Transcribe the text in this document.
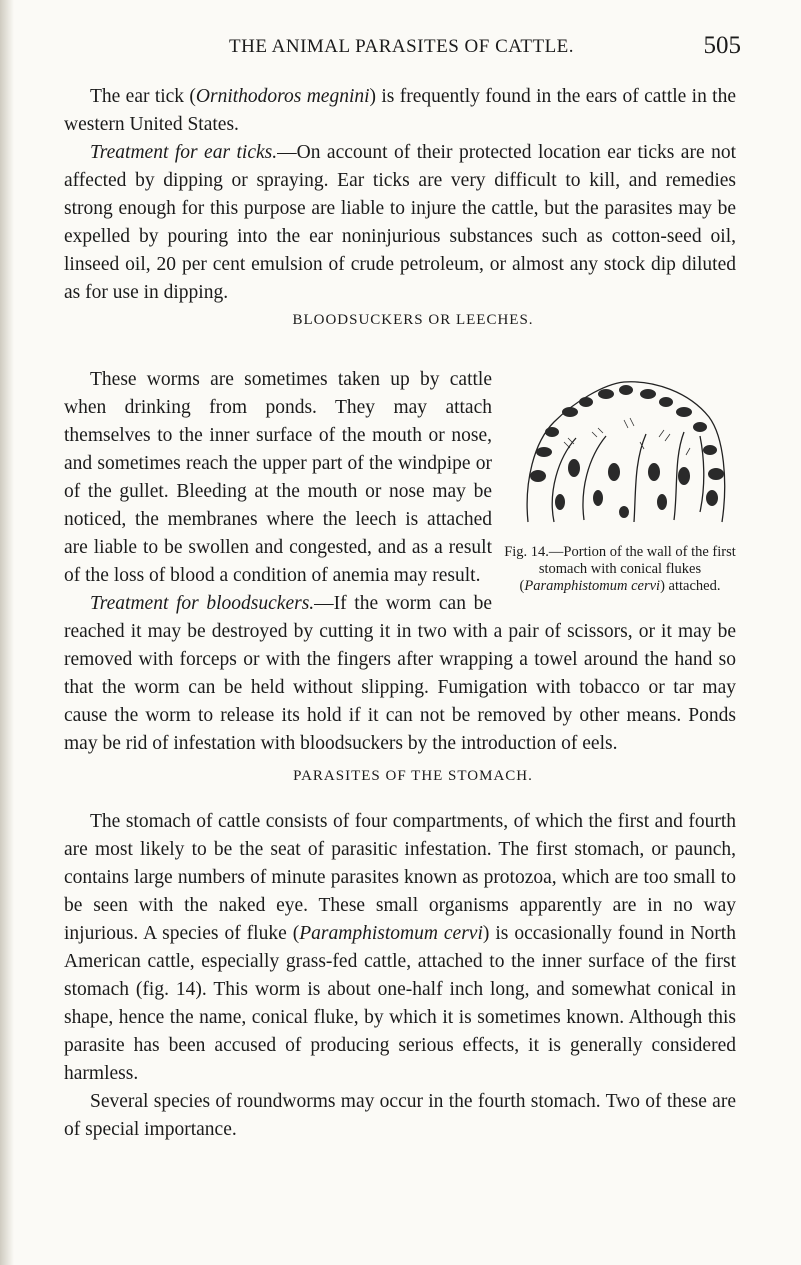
THE ANIMAL PARASITES OF CATTLE.	505

The ear tick (Ornithodoros megnini) is frequently found in the ears of cattle in the western United States.

Treatment for ear ticks.—On account of their protected location ear ticks are not affected by dipping or spraying. Ear ticks are very difficult to kill, and remedies strong enough for this purpose are liable to injure the cattle, but the parasites may be expelled by pouring into the ear noninjurious substances such as cotton-seed oil, linseed oil, 20 per cent emulsion of crude petroleum, or almost any stock dip diluted as for use in dipping.

BLOODSUCKERS OR LEECHES.

Fig. 14.—Portion of the wall of the first stomach with conical flukes (Paramphistomum cervi) attached.

These worms are sometimes taken up by cattle when drinking from ponds. They may attach themselves to the inner surface of the mouth or nose, and sometimes reach the upper part of the windpipe or of the gullet. Bleeding at the mouth or nose may be noticed, the membranes where the leech is attached are liable to be swollen and congested, and as a result of the loss of blood a condition of anemia may result.

Treatment for bloodsuckers.—If the worm can be reached it may be destroyed by cutting it in two with a pair of scissors, or it may be removed with forceps or with the fingers after wrapping a towel around the hand so that the worm can be held without slipping. Fumigation with tobacco or tar may cause the worm to release its hold if it can not be removed by other means. Ponds may be rid of infestation with bloodsuckers by the introduction of eels.

PARASITES OF THE STOMACH.

The stomach of cattle consists of four compartments, of which the first and fourth are most likely to be the seat of parasitic infestation. The first stomach, or paunch, contains large numbers of minute parasites known as protozoa, which are too small to be seen with the naked eye. These small organisms apparently are in no way injurious. A species of fluke (Paramphistomum cervi) is occasionally found in North American cattle, especially grass-fed cattle, attached to the inner surface of the first stomach (fig. 14). This worm is about one-half inch long, and somewhat conical in shape, hence the name, conical fluke, by which it is sometimes known. Although this parasite has been accused of producing serious effects, it is generally considered harmless.

Several species of roundworms may occur in the fourth stomach. Two of these are of special importance.
